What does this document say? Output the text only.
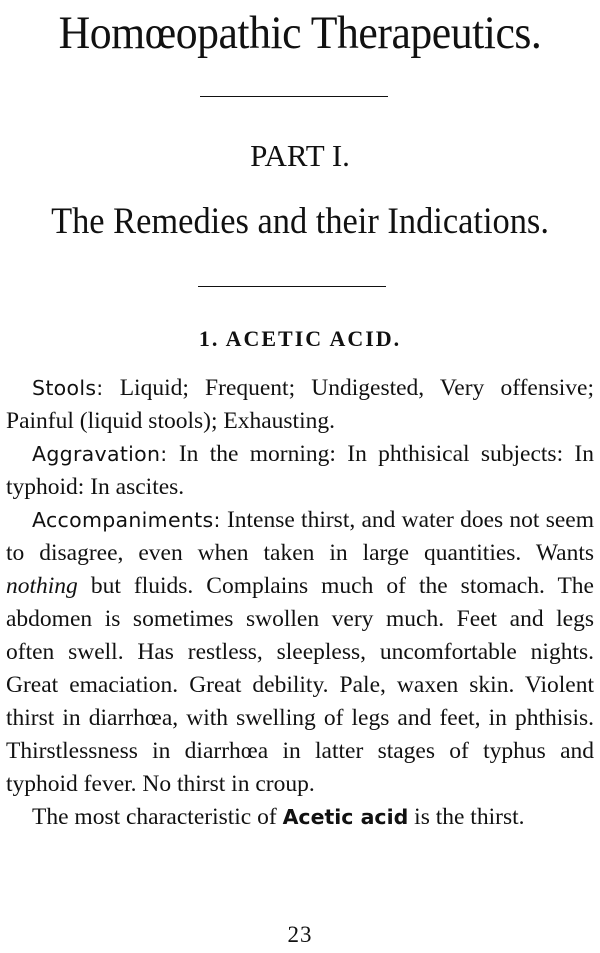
Homœopathic Therapeutics.
PART I.
The Remedies and their Indications.
1. ACETIC ACID.

Stools: Liquid; Frequent; Undigested, Very offensive; Painful (liquid stools); Exhausting.

Aggravation: In the morning: In phthisical subjects: In typhoid: In ascites.

Accompaniments: Intense thirst, and water does not seem to disagree, even when taken in large quantities. Wants nothing but fluids. Complains much of the stomach. The abdomen is sometimes swollen very much. Feet and legs often swell. Has restless, sleepless, uncomfortable nights. Great emaciation. Great debility. Pale, waxen skin. Violent thirst in diarrhœa, with swelling of legs and feet, in phthisis. Thirstlessness in diarrhœa in latter stages of typhus and typhoid fever. No thirst in croup.

The most characteristic of Acetic acid is the thirst.

23
